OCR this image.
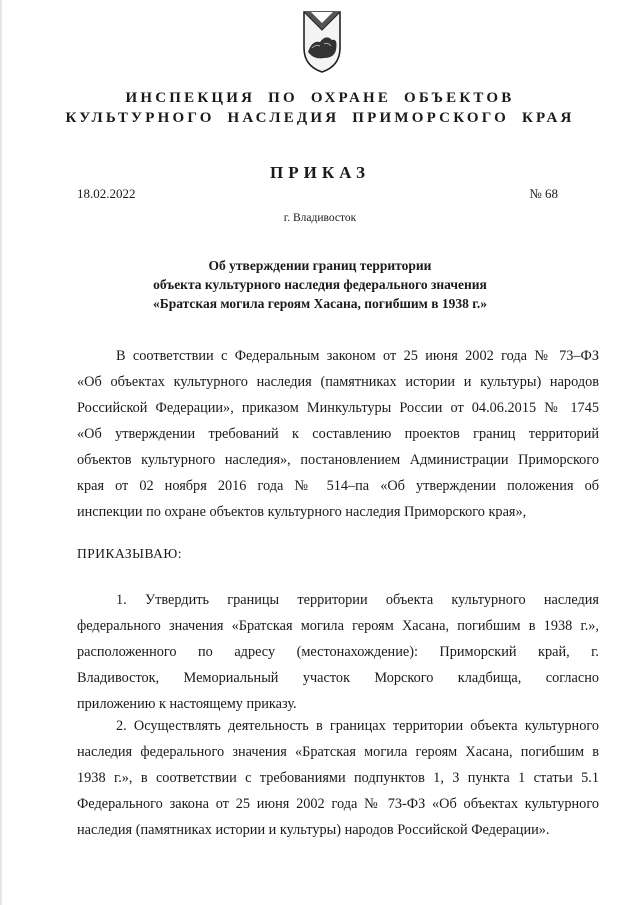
ИНСПЕКЦИЯ ПО ОХРАНЕ ОБЪЕКТОВ
КУЛЬТУРНОГО НАСЛЕДИЯ ПРИМОРСКОГО КРАЯ
ПРИКАЗ
18.02.2022	№ 68
г. Владивосток
Об утверждении границ территории
объекта культурного наследия федерального значения
«Братская могила героям Хасана, погибшим в 1938 г.»
В соответствии с Федеральным законом от 25 июня 2002 года № 73–ФЗ
«Об объектах культурного наследия (памятниках истории и культуры) народов
Российской Федерации», приказом Минкультуры России от 04.06.2015 № 1745
«Об утверждении требований к составлению проектов границ территорий
объектов культурного наследия», постановлением Администрации Приморского
края от 02 ноября 2016 года № 514–па «Об утверждении положения об
инспекции по охране объектов культурного наследия Приморского края»,
ПРИКАЗЫВАЮ:
1. Утвердить границы территории объекта культурного наследия
федерального значения «Братская могила героям Хасана, погибшим в 1938 г.»,
расположенного по адресу (местонахождение): Приморский край, г.
Владивосток, Мемориальный участок Морского кладбища, согласно
приложению к настоящему приказу.
2. Осуществлять деятельность в границах территории объекта культурного
наследия федерального значения «Братская могила героям Хасана, погибшим в
1938 г.», в соответствии с требованиями подпунктов 1, 3 пункта 1 статьи 5.1
Федерального закона от 25 июня 2002 года № 73-ФЗ «Об объектах культурного
наследия (памятниках истории и культуры) народов Российской Федерации».
